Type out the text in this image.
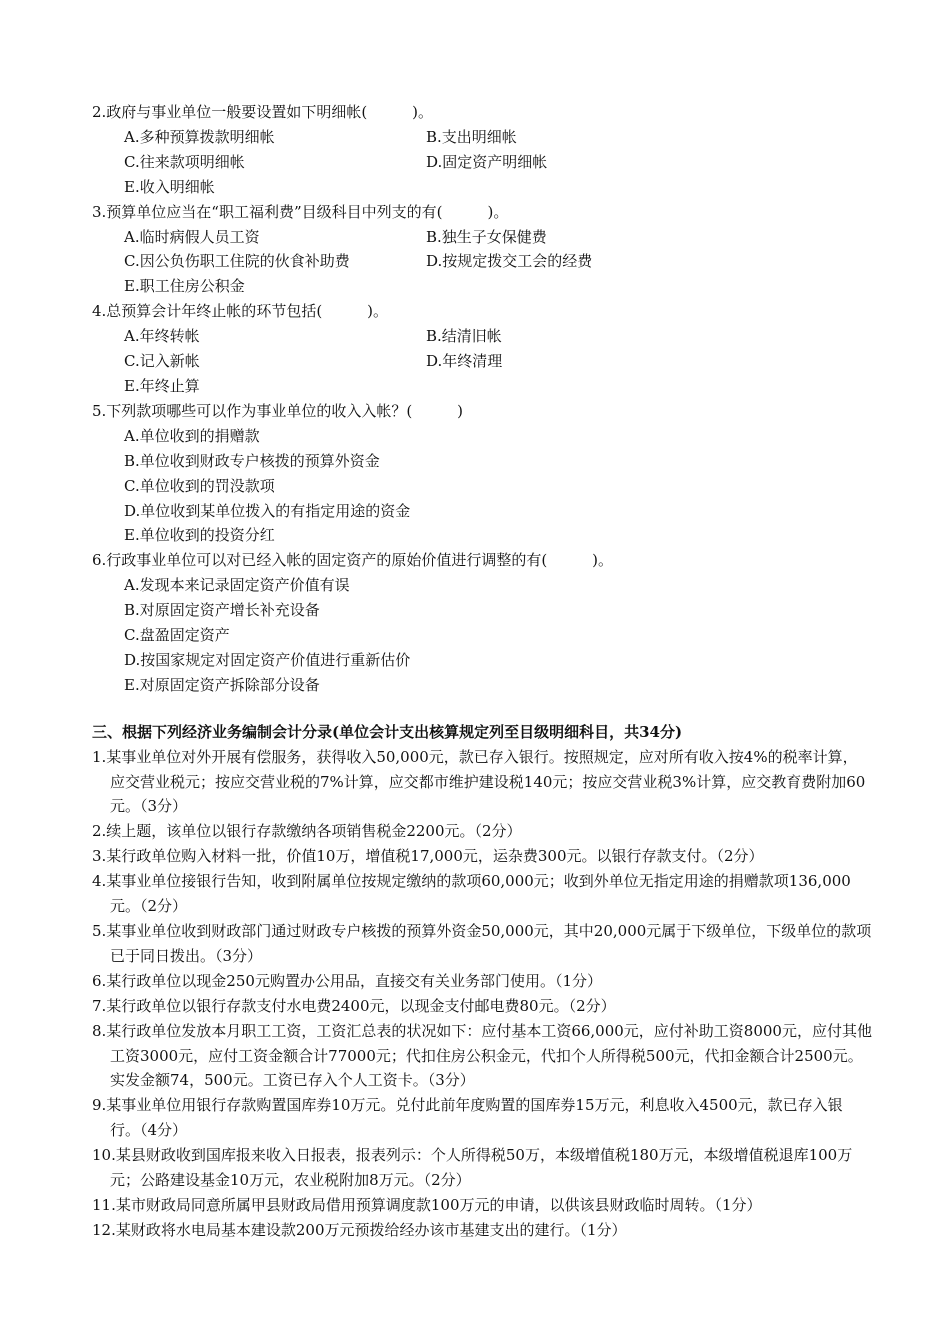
2.政府与事业单位一般要设置如下明细帐(　　　)。
A.多种预算拨款明细帐	B.支出明细帐
C.往来款项明细帐	D.固定资产明细帐
E.收入明细帐
3.预算单位应当在“职工福利费”目级科目中列支的有(　　　)。
A.临时病假人员工资	B.独生子女保健费
C.因公负伤职工住院的伙食补助费	D.按规定拨交工会的经费
E.职工住房公积金
4.总预算会计年终止帐的环节包括(　　　)。
A.年终转帐	B.结清旧帐
C.记入新帐	D.年终清理
E.年终止算
5.下列款项哪些可以作为事业单位的收入入帐？(　　　)
A.单位收到的捐赠款
B.单位收到财政专户核拨的预算外资金
C.单位收到的罚没款项
D.单位收到某单位拨入的有指定用途的资金
E.单位收到的投资分红
6.行政事业单位可以对已经入帐的固定资产的原始价值进行调整的有(　　　)。
A.发现本来记录固定资产价值有误
B.对原固定资产增长补充设备
C.盘盈固定资产
D.按国家规定对固定资产价值进行重新估价
E.对原固定资产拆除部分设备
三、根据下列经济业务编制会计分录(单位会计支出核算规定列至目级明细科目，共34分)
1.某事业单位对外开展有偿服务，获得收入50,000元，款已存入银行。按照规定，应对所有收入按4%的税率计算，应交营业税元；按应交营业税的7%计算，应交都市维护建设税140元；按应交营业税3%计算，应交教育费附加60元。（3分）
2.续上题，该单位以银行存款缴纳各项销售税金2200元。（2分）
3.某行政单位购入材料一批，价值10万，增值税17,000元，运杂费300元。以银行存款支付。（2分）
4.某事业单位接银行告知，收到附属单位按规定缴纳的款项60,000元；收到外单位无指定用途的捐赠款项136,000元。（2分）
5.某事业单位收到财政部门通过财政专户核拨的预算外资金50,000元，其中20,000元属于下级单位，下级单位的款项已于同日拨出。（3分）
6.某行政单位以现金250元购置办公用品，直接交有关业务部门使用。（1分）
7.某行政单位以银行存款支付水电费2400元，以现金支付邮电费80元。（2分）
8.某行政单位发放本月职工工资，工资汇总表的状况如下：应付基本工资66,000元，应付补助工资8000元，应付其他工资3000元，应付工资金额合计77000元；代扣住房公积金元，代扣个人所得税500元，代扣金额合计2500元。实发金额74，500元。工资已存入个人工资卡。（3分）
9.某事业单位用银行存款购置国库券10万元。兑付此前年度购置的国库券15万元，利息收入4500元，款已存入银行。（4分）
10.某县财政收到国库报来收入日报表，报表列示：个人所得税50万，本级增值税180万元，本级增值税退库100万元；公路建设基金10万元，农业税附加8万元。（2分）
11.某市财政局同意所属甲县财政局借用预算调度款100万元的申请，以供该县财政临时周转。（1分）
12.某财政将水电局基本建设款200万元预拨给经办该市基建支出的建行。（1分）
